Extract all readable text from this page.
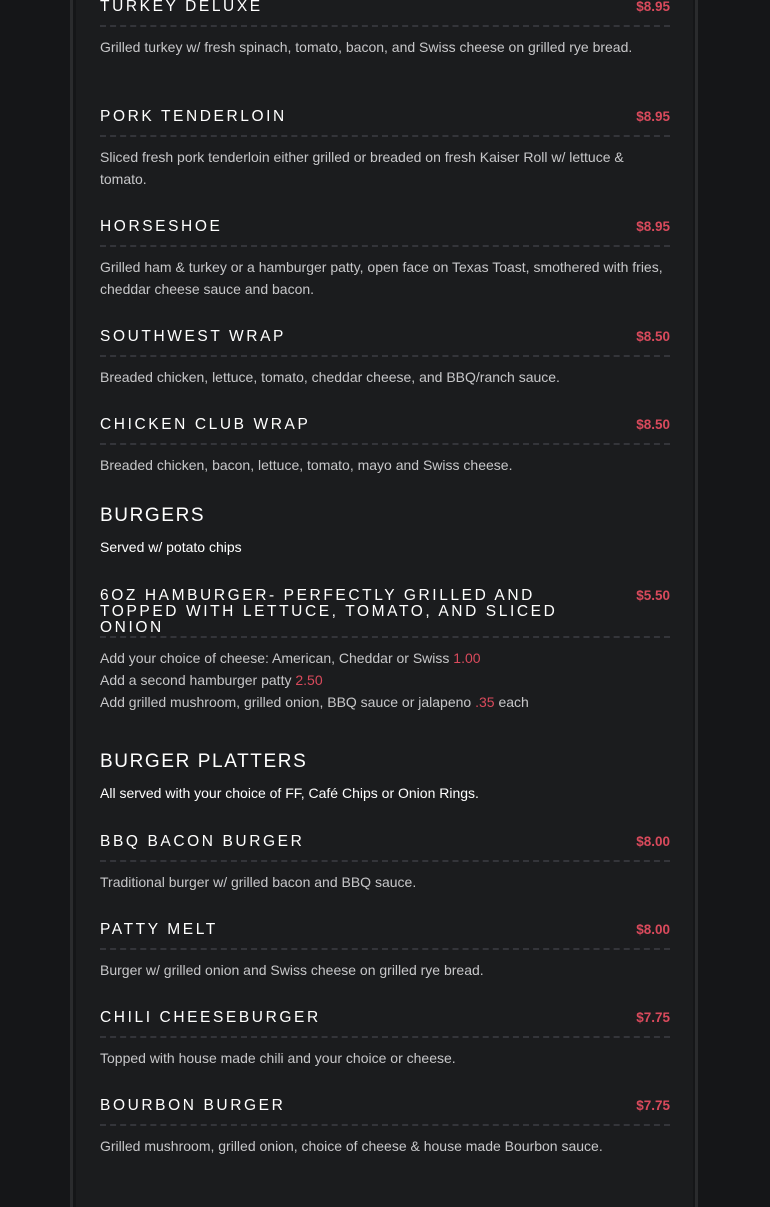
TURKEY DELUXE	$8.95
Grilled turkey w/ fresh spinach, tomato, bacon, and Swiss cheese on grilled rye bread.
PORK TENDERLOIN	$8.95
Sliced fresh pork tenderloin either grilled or breaded on fresh Kaiser Roll w/ lettuce & tomato.
HORSESHOE	$8.95
Grilled ham & turkey or a hamburger patty, open face on Texas Toast, smothered with fries, cheddar cheese sauce and bacon.
SOUTHWEST WRAP	$8.50
Breaded chicken, lettuce, tomato, cheddar cheese, and BBQ/ranch sauce.
CHICKEN CLUB WRAP	$8.50
Breaded chicken, bacon, lettuce, tomato, mayo and Swiss cheese.
BURGERS
Served w/ potato chips
6OZ HAMBURGER- PERFECTLY GRILLED AND TOPPED WITH LETTUCE, TOMATO, AND SLICED ONION
$5.50
Add your choice of cheese: American, Cheddar or Swiss 1.00
Add a second hamburger patty 2.50
Add grilled mushroom, grilled onion, BBQ sauce or jalapeno .35 each
BURGER PLATTERS
All served with your choice of FF, Café Chips or Onion Rings.
BBQ BACON BURGER	$8.00
Traditional burger w/ grilled bacon and BBQ sauce.
PATTY MELT	$8.00
Burger w/ grilled onion and Swiss cheese on grilled rye bread.
CHILI CHEESEBURGER	$7.75
Topped with house made chili and your choice or cheese.
BOURBON BURGER	$7.75
Grilled mushroom, grilled onion, choice of cheese & house made Bourbon sauce.
